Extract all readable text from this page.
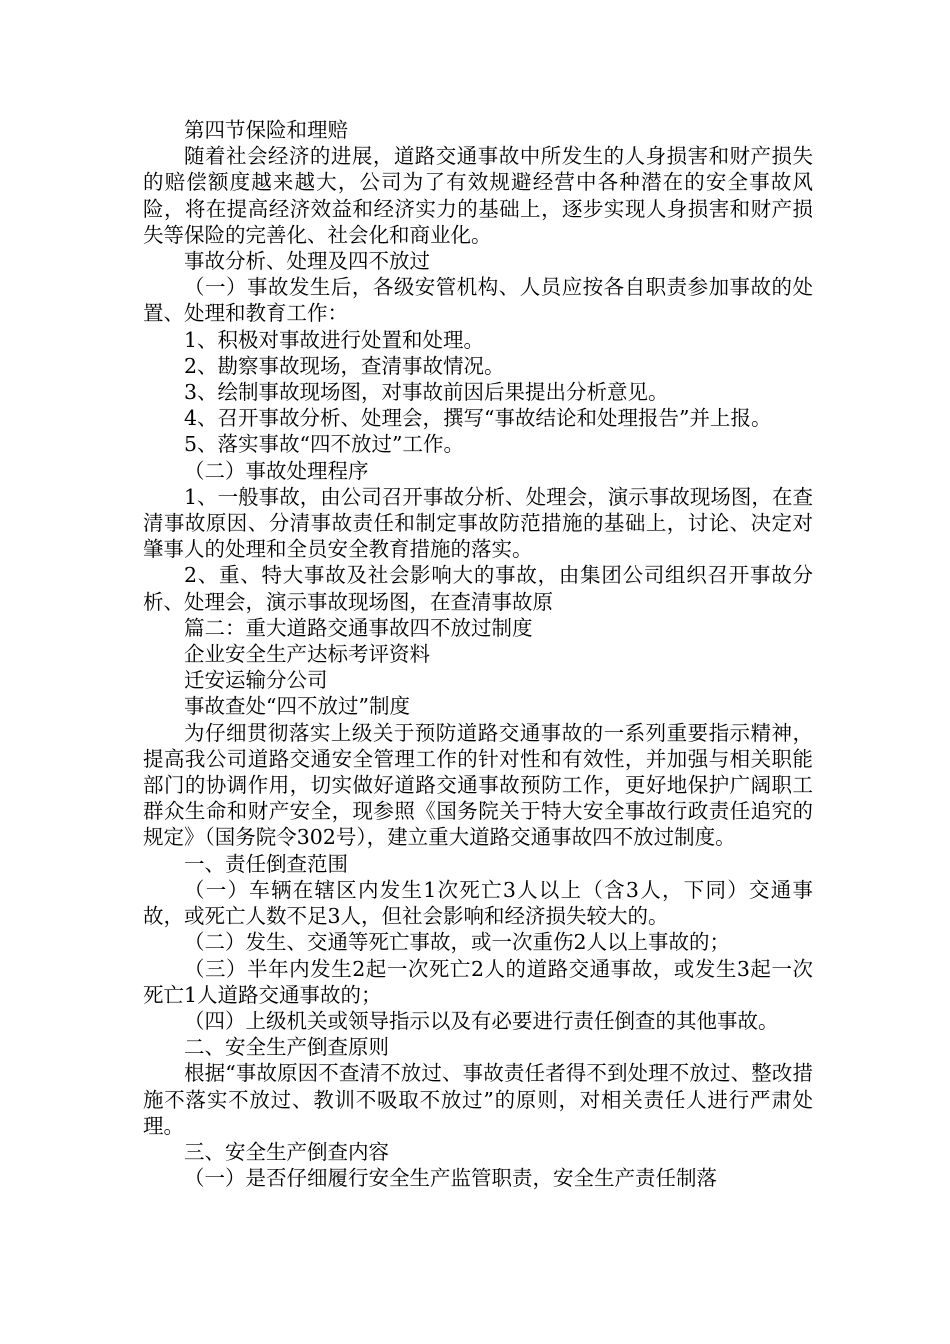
第四节保险和理赔

随着社会经济的进展，道路交通事故中所发生的人身损害和财产损失的赔偿额度越来越大，公司为了有效规避经营中各种潜在的安全事故风险，将在提高经济效益和经济实力的基础上，逐步实现人身损害和财产损失等保险的完善化、社会化和商业化。

事故分析、处理及四不放过

（一）事故发生后，各级安管机构、人员应按各自职责参加事故的处置、处理和教育工作：

1、积极对事故进行处置和处理。

2、勘察事故现场，查清事故情况。

3、绘制事故现场图，对事故前因后果提出分析意见。

4、召开事故分析、处理会，撰写“事故结论和处理报告”并上报。

5、落实事故“四不放过”工作。

（二）事故处理程序

1、一般事故，由公司召开事故分析、处理会，演示事故现场图，在查清事故原因、分清事故责任和制定事故防范措施的基础上，讨论、决定对肇事人的处理和全员安全教育措施的落实。

2、重、特大事故及社会影响大的事故，由集团公司组织召开事故分析、处理会，演示事故现场图，在查清事故原

篇二：重大道路交通事故四不放过制度

企业安全生产达标考评资料

迁安运输分公司

事故查处“四不放过”制度

为仔细贯彻落实上级关于预防道路交通事故的一系列重要指示精神，提高我公司道路交通安全管理工作的针对性和有效性，并加强与相关职能部门的协调作用，切实做好道路交通事故预防工作，更好地保护广阔职工群众生命和财产安全，现参照《国务院关于特大安全事故行政责任追究的规定》（国务院令302号），建立重大道路交通事故四不放过制度。

一、责任倒查范围

（一）车辆在辖区内发生1次死亡3人以上（含3人，下同）交通事故，或死亡人数不足3人，但社会影响和经济损失较大的。

（二）发生、交通等死亡事故，或一次重伤2人以上事故的；

（三）半年内发生2起一次死亡2人的道路交通事故，或发生3起一次死亡1人道路交通事故的；

（四）上级机关或领导指示以及有必要进行责任倒查的其他事故。

二、安全生产倒查原则

根据“事故原因不查清不放过、事故责任者得不到处理不放过、整改措施不落实不放过、教训不吸取不放过”的原则，对相关责任人进行严肃处理。

三、安全生产倒查内容

（一）是否仔细履行安全生产监管职责，安全生产责任制落
